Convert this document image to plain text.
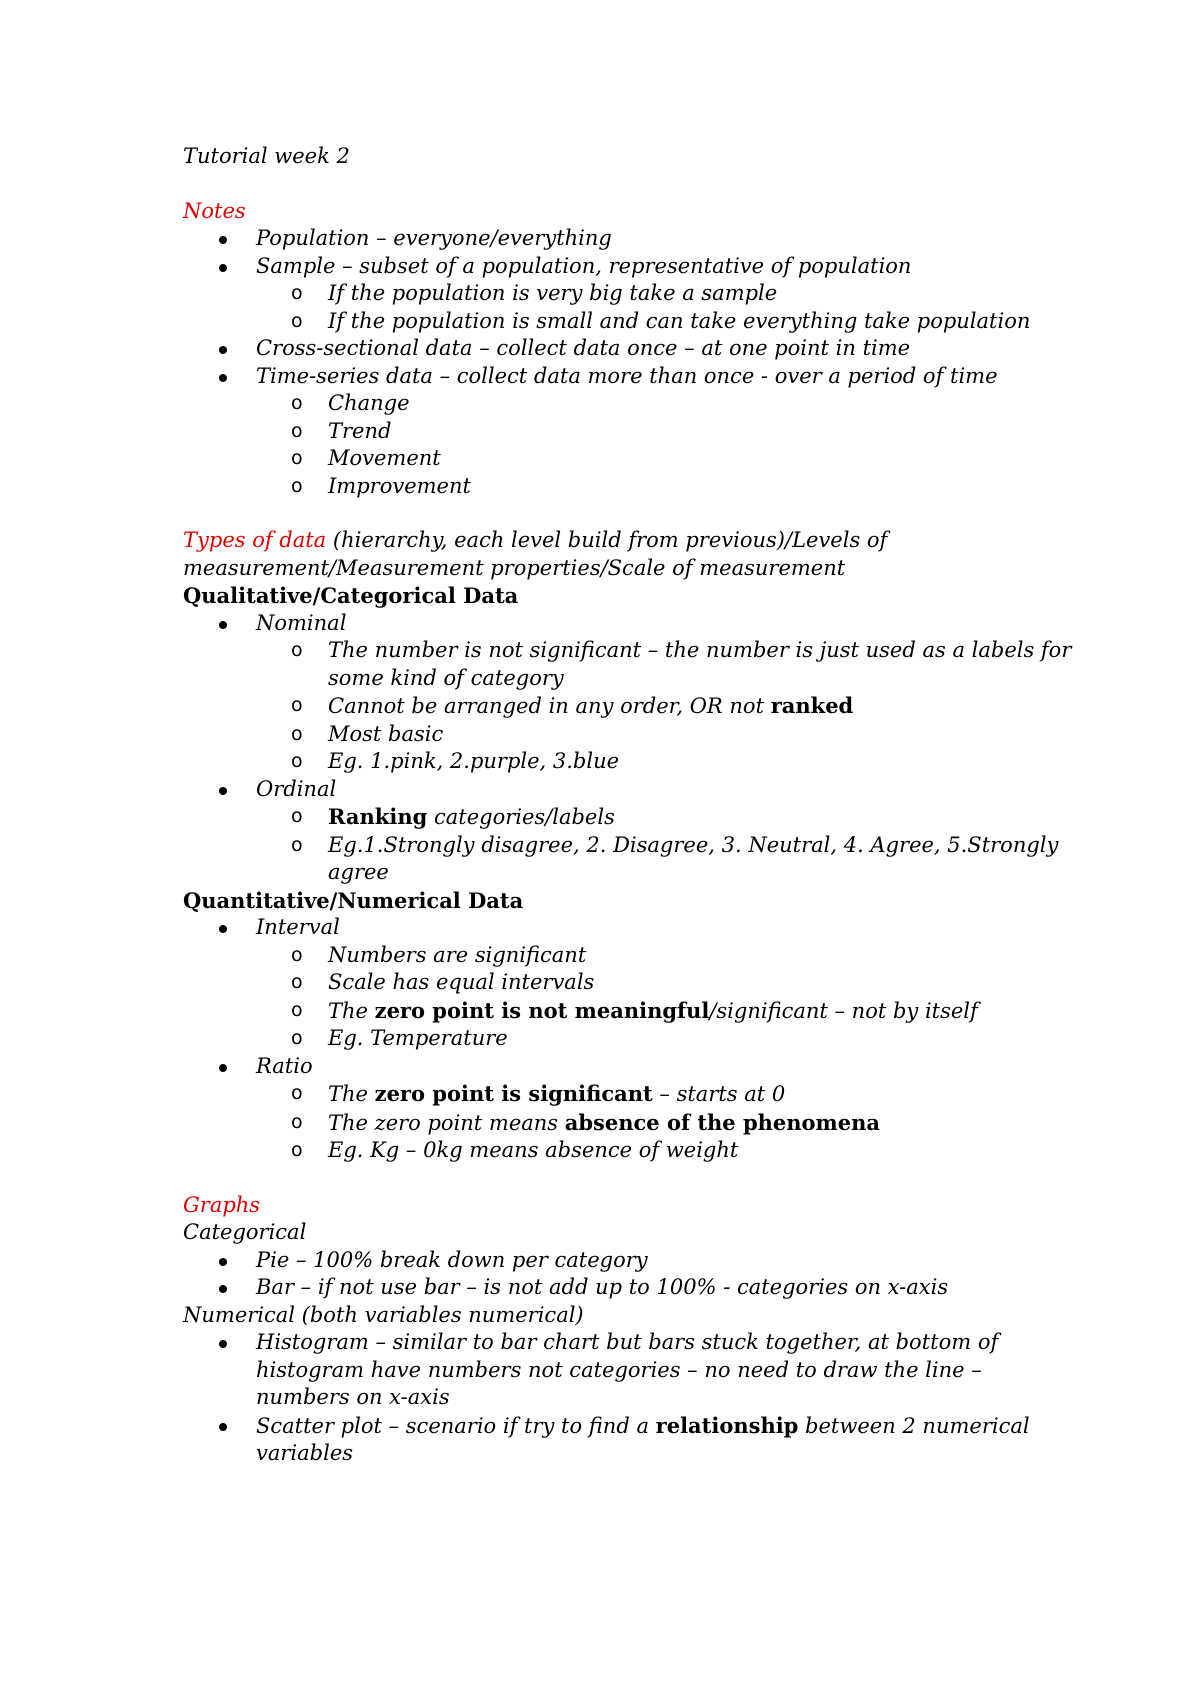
Tutorial week 2
Notes
Population – everyone/everything
Sample – subset of a population, representative of population
o If the population is very big take a sample
o If the population is small and can take everything take population
Cross-sectional data – collect data once – at one point in time
Time-series data – collect data more than once - over a period of time
o Change
o Trend
o Movement
o Improvement
Types of data (hierarchy, each level build from previous)/Levels of
measurement/Measurement properties/Scale of measurement
Qualitative/Categorical Data
Nominal
o The number is not significant – the number is just used as a labels for
some kind of category
o Cannot be arranged in any order, OR not ranked
o Most basic
o Eg. 1.pink, 2.purple, 3.blue
Ordinal
o Ranking categories/labels
o Eg.1.Strongly disagree, 2. Disagree, 3. Neutral, 4. Agree, 5.Strongly
agree
Quantitative/Numerical Data
Interval
o Numbers are significant
o Scale has equal intervals
o The zero point is not meaningful/significant – not by itself
o Eg. Temperature
Ratio
o The zero point is significant – starts at 0
o The zero point means absence of the phenomena
o Eg. Kg – 0kg means absence of weight
Graphs
Categorical
Pie – 100% break down per category
Bar – if not use bar – is not add up to 100% - categories on x-axis
Numerical (both variables numerical)
Histogram – similar to bar chart but bars stuck together, at bottom of
histogram have numbers not categories – no need to draw the line –
numbers on x-axis
Scatter plot – scenario if try to find a relationship between 2 numerical
variables
